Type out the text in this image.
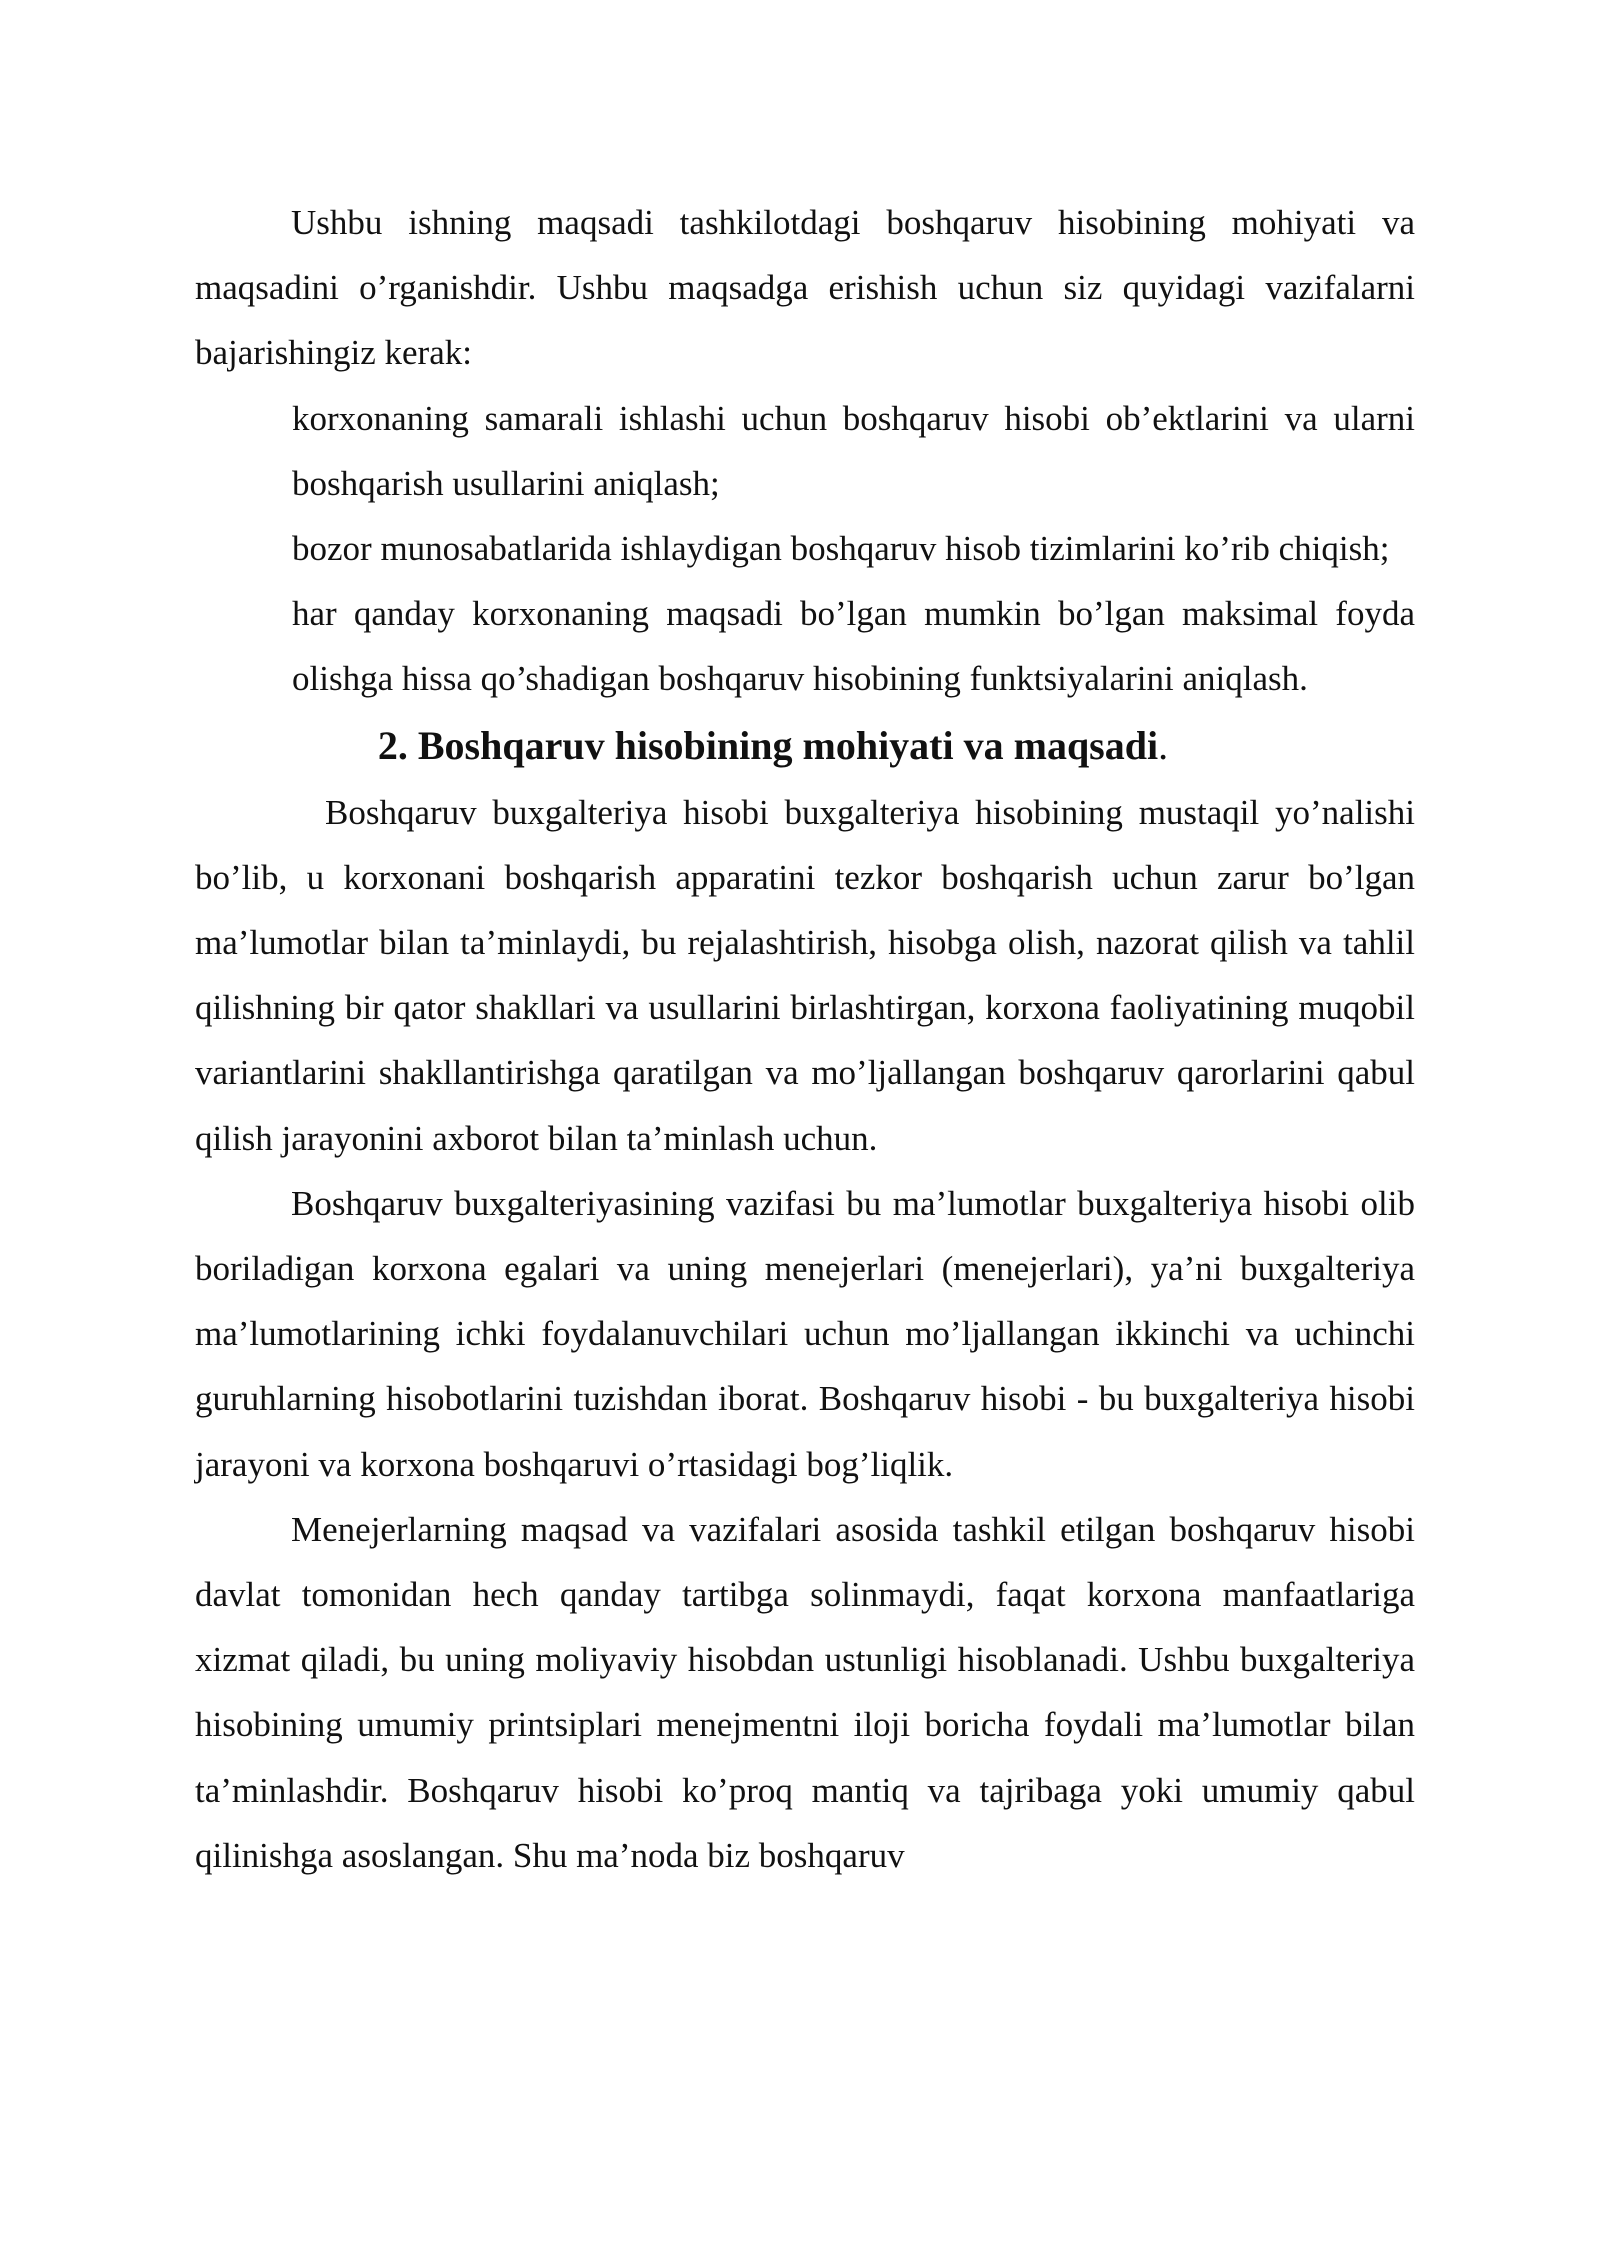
Ushbu ishning maqsadi tashkilotdagi boshqaruv hisobining mohiyati va maqsadini o’rganishdir. Ushbu maqsadga erishish uchun siz quyidagi vazifalarni bajarishingiz kerak:

korxonaning samarali ishlashi uchun boshqaruv hisobi ob’ektlarini va ularni boshqarish usullarini aniqlash;

bozor munosabatlarida ishlaydigan boshqaruv hisob tizimlarini ko’rib chiqish;

har qanday korxonaning maqsadi bo’lgan mumkin bo’lgan maksimal foyda olishga hissa qo’shadigan boshqaruv hisobining funktsiyalarini aniqlash.

2. Boshqaruv hisobining mohiyati va maqsadi.

Boshqaruv buxgalteriya hisobi buxgalteriya hisobining mustaqil yo’nalishi bo’lib, u korxonani boshqarish apparatini tezkor boshqarish uchun zarur bo’lgan ma’lumotlar bilan ta’minlaydi, bu rejalashtirish, hisobga olish, nazorat qilish va tahlil qilishning bir qator shakllari va usullarini birlashtirgan, korxona faoliyatining muqobil variantlarini shakllantirishga qaratilgan va mo’ljallangan boshqaruv qarorlarini qabul qilish jarayonini axborot bilan ta’minlash uchun.

Boshqaruv buxgalteriyasining vazifasi bu ma’lumotlar buxgalteriya hisobi olib boriladigan korxona egalari va uning menejerlari (menejerlari), ya’ni buxgalteriya ma’lumotlarining ichki foydalanuvchilari uchun mo’ljallangan ikkinchi va uchinchi guruhlarning hisobotlarini tuzishdan iborat. Boshqaruv hisobi - bu buxgalteriya hisobi jarayoni va korxona boshqaruvi o’rtasidagi bog’liqlik.

Menejerlarning maqsad va vazifalari asosida tashkil etilgan boshqaruv hisobi davlat tomonidan hech qanday tartibga solinmaydi, faqat korxona manfaatlariga xizmat qiladi, bu uning moliyaviy hisobdan ustunligi hisoblanadi. Ushbu buxgalteriya hisobining umumiy printsiplari menejmentni iloji boricha foydali ma’lumotlar bilan ta’minlashdir. Boshqaruv hisobi ko’proq mantiq va tajribaga yoki umumiy qabul qilinishga asoslangan. Shu ma’noda biz boshqaruv
